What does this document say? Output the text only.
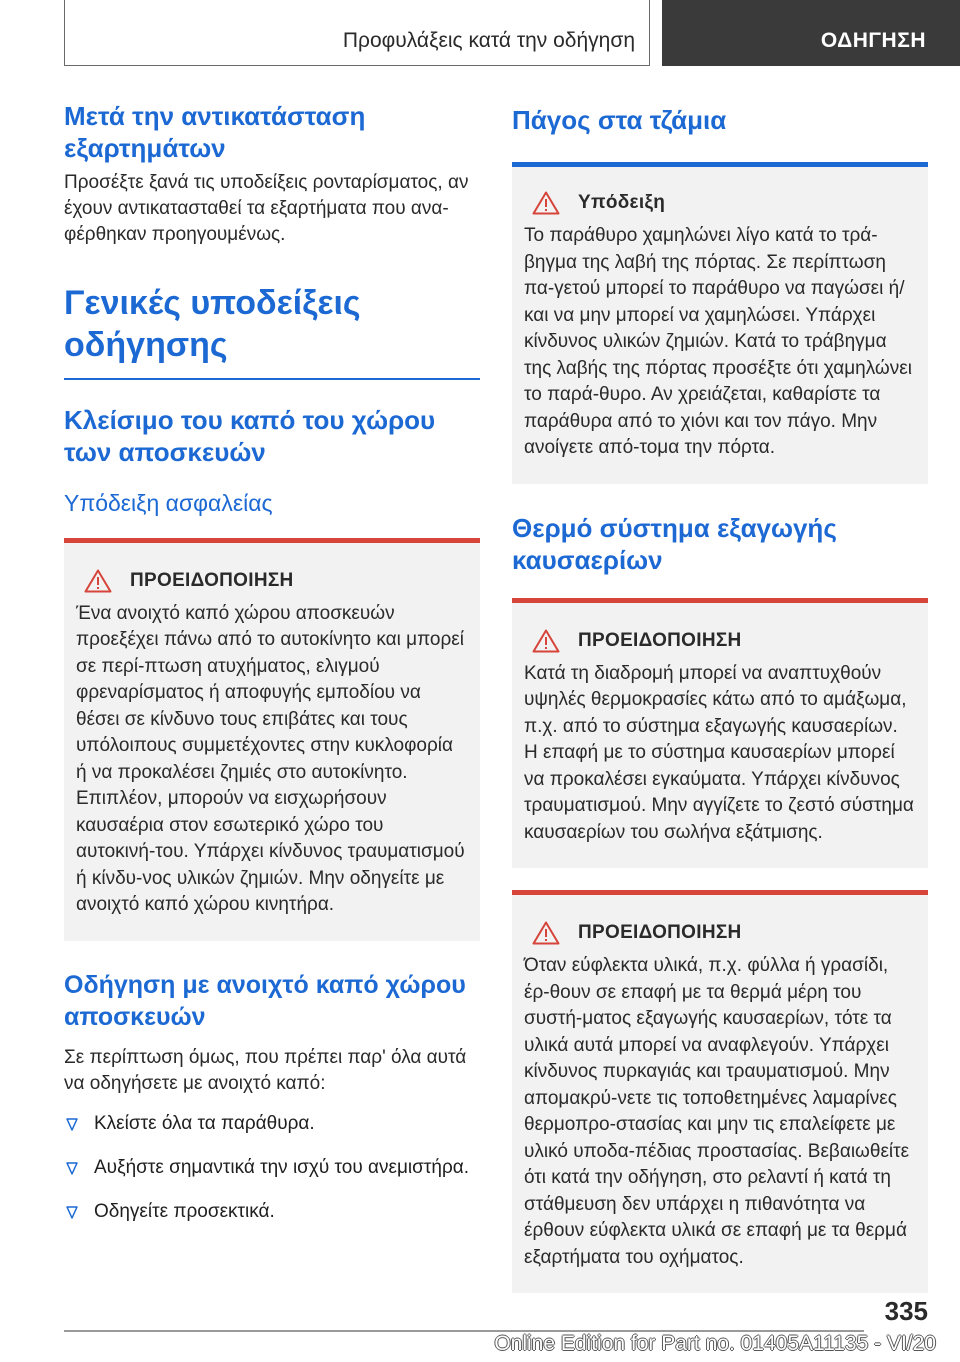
Προφυλάξεις κατά την οδήγηση	ΟΔΗΓΗΣΗ
Μετά την αντικατάσταση εξαρτημάτων

Προσέξτε ξανά τις υποδείξεις ρονταρίσματος, αν έχουν αντικατασταθεί τα εξαρτήματα που ανα‐φέρθηκαν προηγουμένως.

Γενικές υποδείξεις οδήγησης
Κλείσιμο του καπό του χώρου των αποσκευών
Υπόδειξη ασφαλείας
ΠΡΟΕΙΔΟΠΟΙΗΣΗ

Ένα ανοιχτό καπό χώρου αποσκευών προεξέχει πάνω από το αυτοκίνητο και μπορεί σε περί‐πτωση ατυχήματος, ελιγμού φρεναρίσματος ή αποφυγής εμποδίου να θέσει σε κίνδυνο τους επιβάτες και τους υπόλοιπους συμμετέχοντες στην κυκλοφορία ή να προκαλέσει ζημιές στο αυτοκίνητο. Επιπλέον, μπορούν να εισχωρήσουν καυσαέρια στον εσωτερικό χώρο του αυτοκινή‐του. Υπάρχει κίνδυνος τραυματισμού ή κίνδυ‐νος υλικών ζημιών. Μην οδηγείτε με ανοιχτό καπό χώρου κινητήρα.

Οδήγηση με ανοιχτό καπό χώρου αποσκευών

Σε περίπτωση όμως, που πρέπει παρ' όλα αυτά να οδηγήσετε με ανοιχτό καπό:

Κλείστε όλα τα παράθυρα.
Αυξήστε σημαντικά την ισχύ του ανεμιστήρα.
Οδηγείτε προσεκτικά.
Πάγος στα τζάμια
Υπόδειξη

Το παράθυρο χαμηλώνει λίγο κατά το τρά‐βηγμα της λαβή της πόρτας. Σε περίπτωση πα‐γετού μπορεί το παράθυρο να παγώσει ή/και να μην μπορεί να χαμηλώσει. Υπάρχει κίνδυνος υλικών ζημιών. Κατά το τράβηγμα της λαβής της πόρτας προσέξτε ότι χαμηλώνει το παρά‐θυρο. Αν χρειάζεται, καθαρίστε τα παράθυρα από το χιόνι και τον πάγο. Μην ανοίγετε από‐τομα την πόρτα.

Θερμό σύστημα εξαγωγής καυσαερίων
ΠΡΟΕΙΔΟΠΟΙΗΣΗ

Κατά τη διαδρομή μπορεί να αναπτυχθούν υψηλές θερμοκρασίες κάτω από το αμάξωμα, π.χ. από το σύστημα εξαγωγής καυσαερίων. Η επαφή με το σύστημα καυσαερίων μπορεί να προκαλέσει εγκαύματα. Υπάρχει κίνδυνος τραυματισμού. Μην αγγίζετε το ζεστό σύστημα καυσαερίων του σωλήνα εξάτμισης.

ΠΡΟΕΙΔΟΠΟΙΗΣΗ

Όταν εύφλεκτα υλικά, π.χ. φύλλα ή γρασίδι, έρ‐θουν σε επαφή με τα θερμά μέρη του συστή‐ματος εξαγωγής καυσαερίων, τότε τα υλικά αυτά μπορεί να αναφλεγούν. Υπάρχει κίνδυνος πυρκαγιάς και τραυματισμού. Μην απομακρύ‐νετε τις τοποθετημένες λαμαρίνες θερμοπρο‐στασίας και μην τις επαλείφετε με υλικό υποδα‐πέδιας προστασίας. Βεβαιωθείτε ότι κατά την οδήγηση, στο ρελαντί ή κατά τη στάθμευση δεν υπάρχει η πιθανότητα να έρθουν εύφλεκτα υλικά σε επαφή με τα θερμά εξαρτήματα του οχήματος.

335
Online Edition for Part no. 01405A11135 - VI/20
